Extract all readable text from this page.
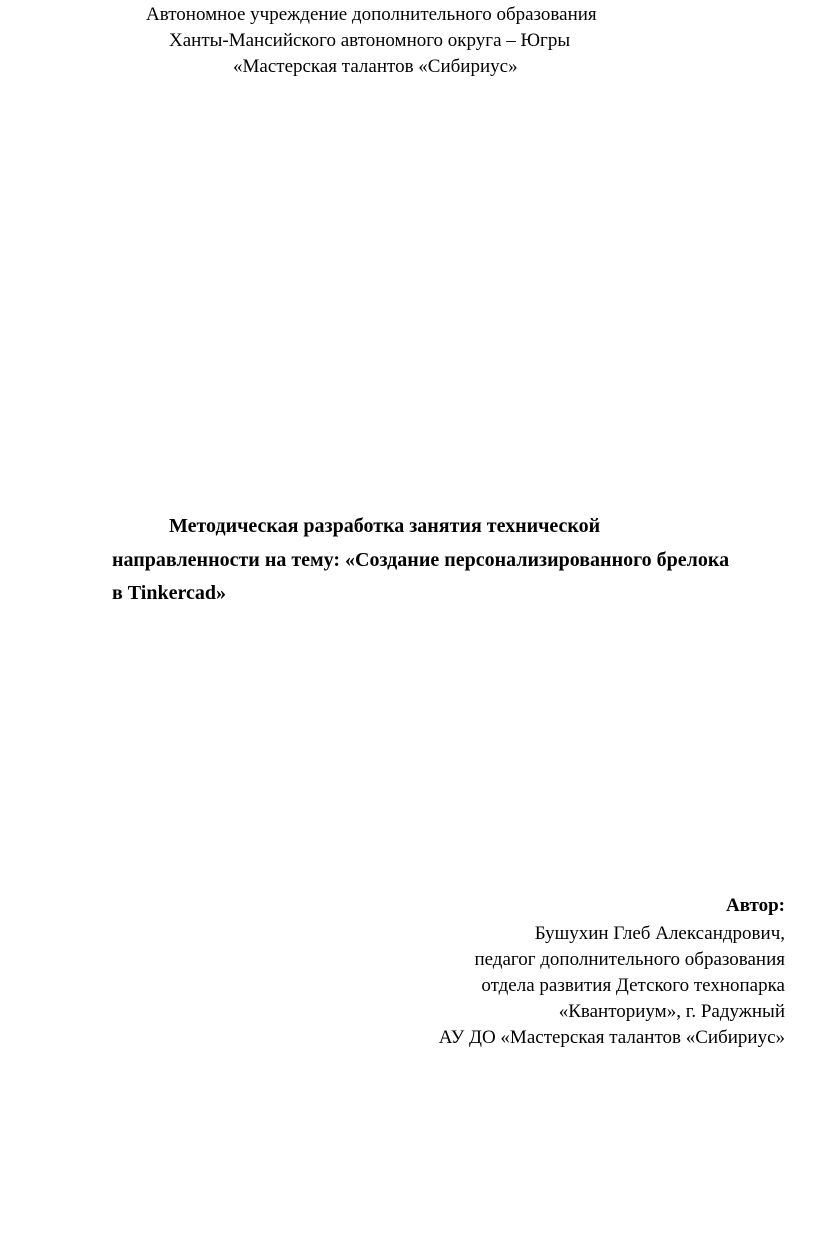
Автономное учреждение дополнительного образования
Ханты-Мансийского автономного округа – Югры
«Мастерская талантов «Сибириус»
Методическая разработка занятия технической
направленности на тему: «Создание персонализированного брелока
в Tinkercad»
Автор:
Бушухин Глеб Александрович,
педагог дополнительного образования
отдела развития Детского технопарка
«Кванториум», г. Радужный
АУ ДО «Мастерская талантов «Сибириус»
